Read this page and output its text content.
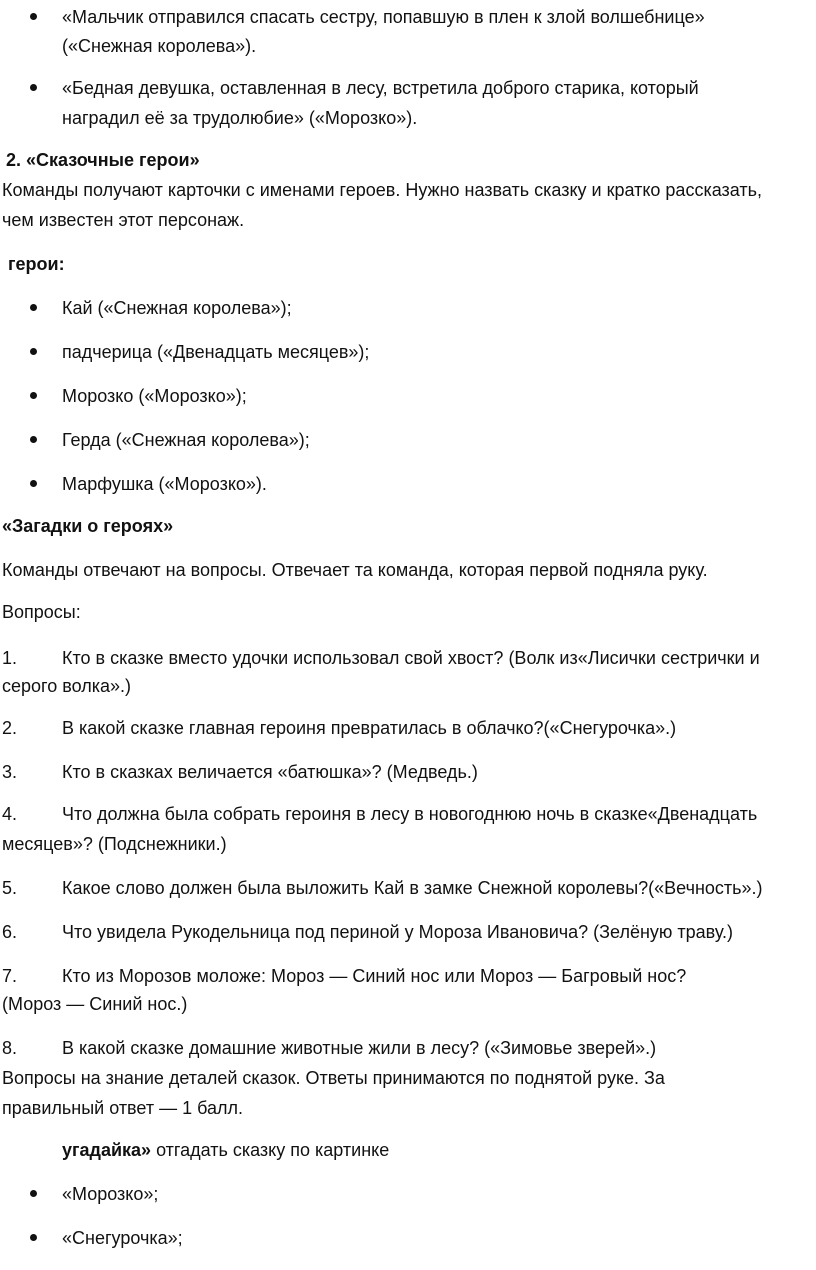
«Мальчик отправился спасать сестру, попавшую в плен к злой волшебнице»
(«Снежная королева»).
«Бедная девушка, оставленная в лесу, встретила доброго старика, который
наградил её за трудолюбие» («Морозко»).
2. «Сказочные герои»
Команды получают карточки с именами героев. Нужно назвать сказку и кратко рассказать,
чем известен этот персонаж.
герои:
Кай («Снежная королева»);
падчерица («Двенадцать месяцев»);
Морозко («Морозко»);
Герда («Снежная королева»);
Марфушка («Морозко»).
«Загадки о героях»
Команды отвечают на вопросы. Отвечает та команда, которая первой подняла руку.
Вопросы:
1. Кто в сказке вместо удочки использовал свой хвост? (Волк из«Лисички сестрички и
серого волка».)
2. В какой сказке главная героиня превратилась в облачко?(«Снегурочка».)
3. Кто в сказках величается «батюшка»? (Медведь.)
4. Что должна была собрать героиня в лесу в новогоднюю ночь в сказке«Двенадцать
месяцев»? (Подснежники.)
5. Какое слово должен была выложить Кай в замке Снежной королевы?(«Вечность».)
6. Что увидела Рукодельница под периной у Мороза Ивановича? (Зелёную траву.)
7. Кто из Морозов моложе: Мороз — Синий нос или Мороз — Багровый нос?
(Мороз — Синий нос.)
8. В какой сказке домашние животные жили в лесу? («Зимовье зверей».)
Вопросы на знание деталей сказок. Ответы принимаются по поднятой руке. За
правильный ответ — 1 балл.
угадайка» отгадать сказку по картинке
«Морозко»;
«Снегурочка»;
